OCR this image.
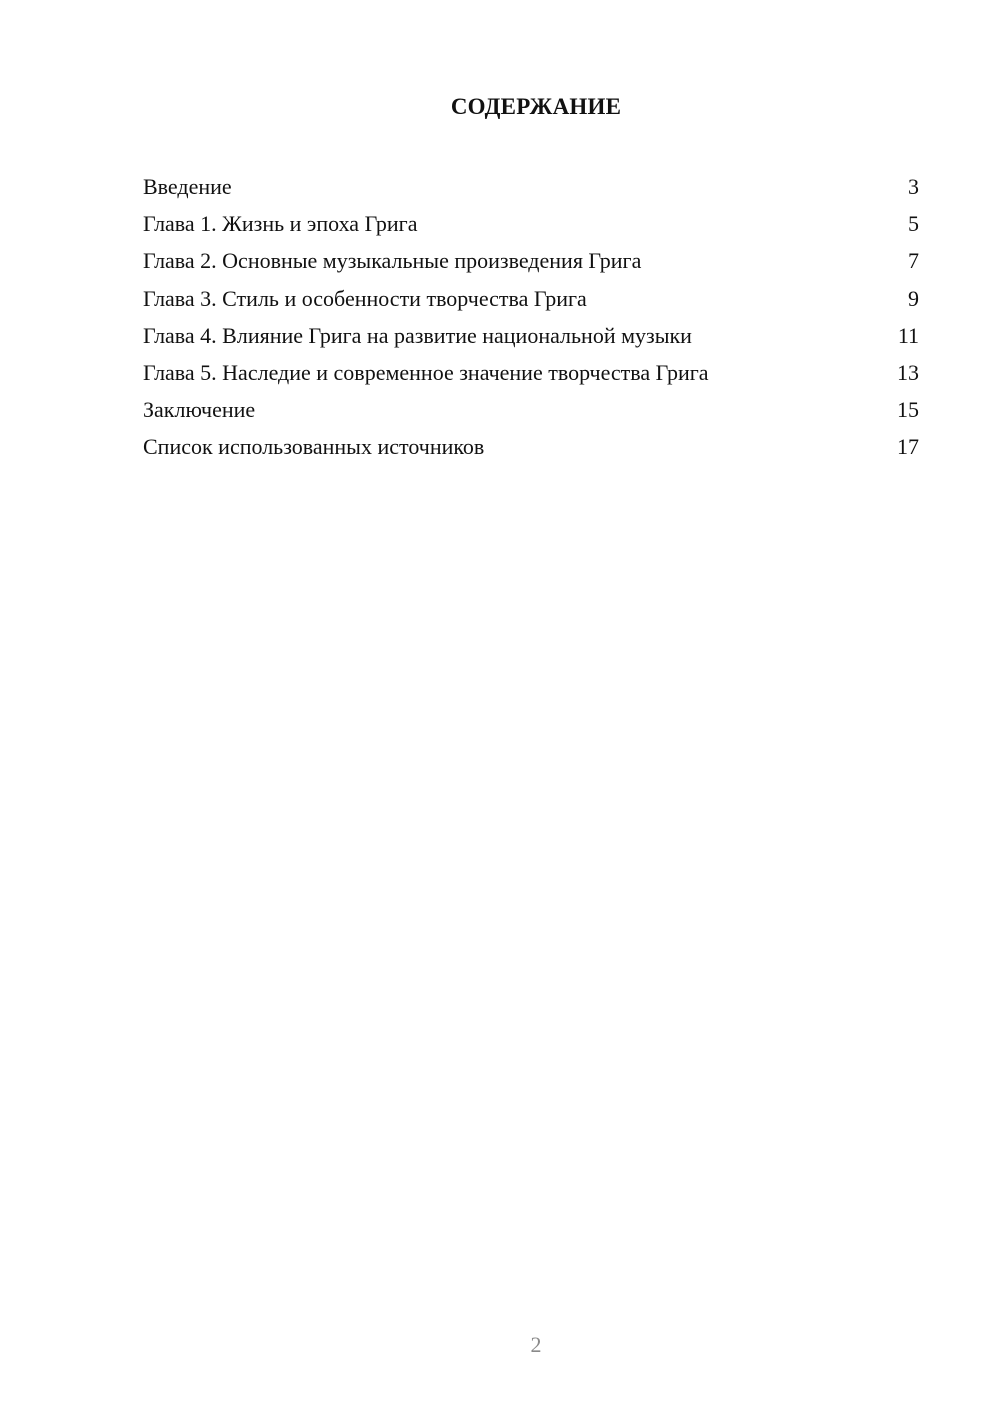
СОДЕРЖАНИЕ
Введение	3
Глава 1. Жизнь и эпоха Грига	5
Глава 2. Основные музыкальные произведения Грига	7
Глава 3. Стиль и особенности творчества Грига	9
Глава 4. Влияние Грига на развитие национальной музыки	11
Глава 5. Наследие и современное значение творчества Грига	13
Заключение	15
Список использованных источников	17
2
